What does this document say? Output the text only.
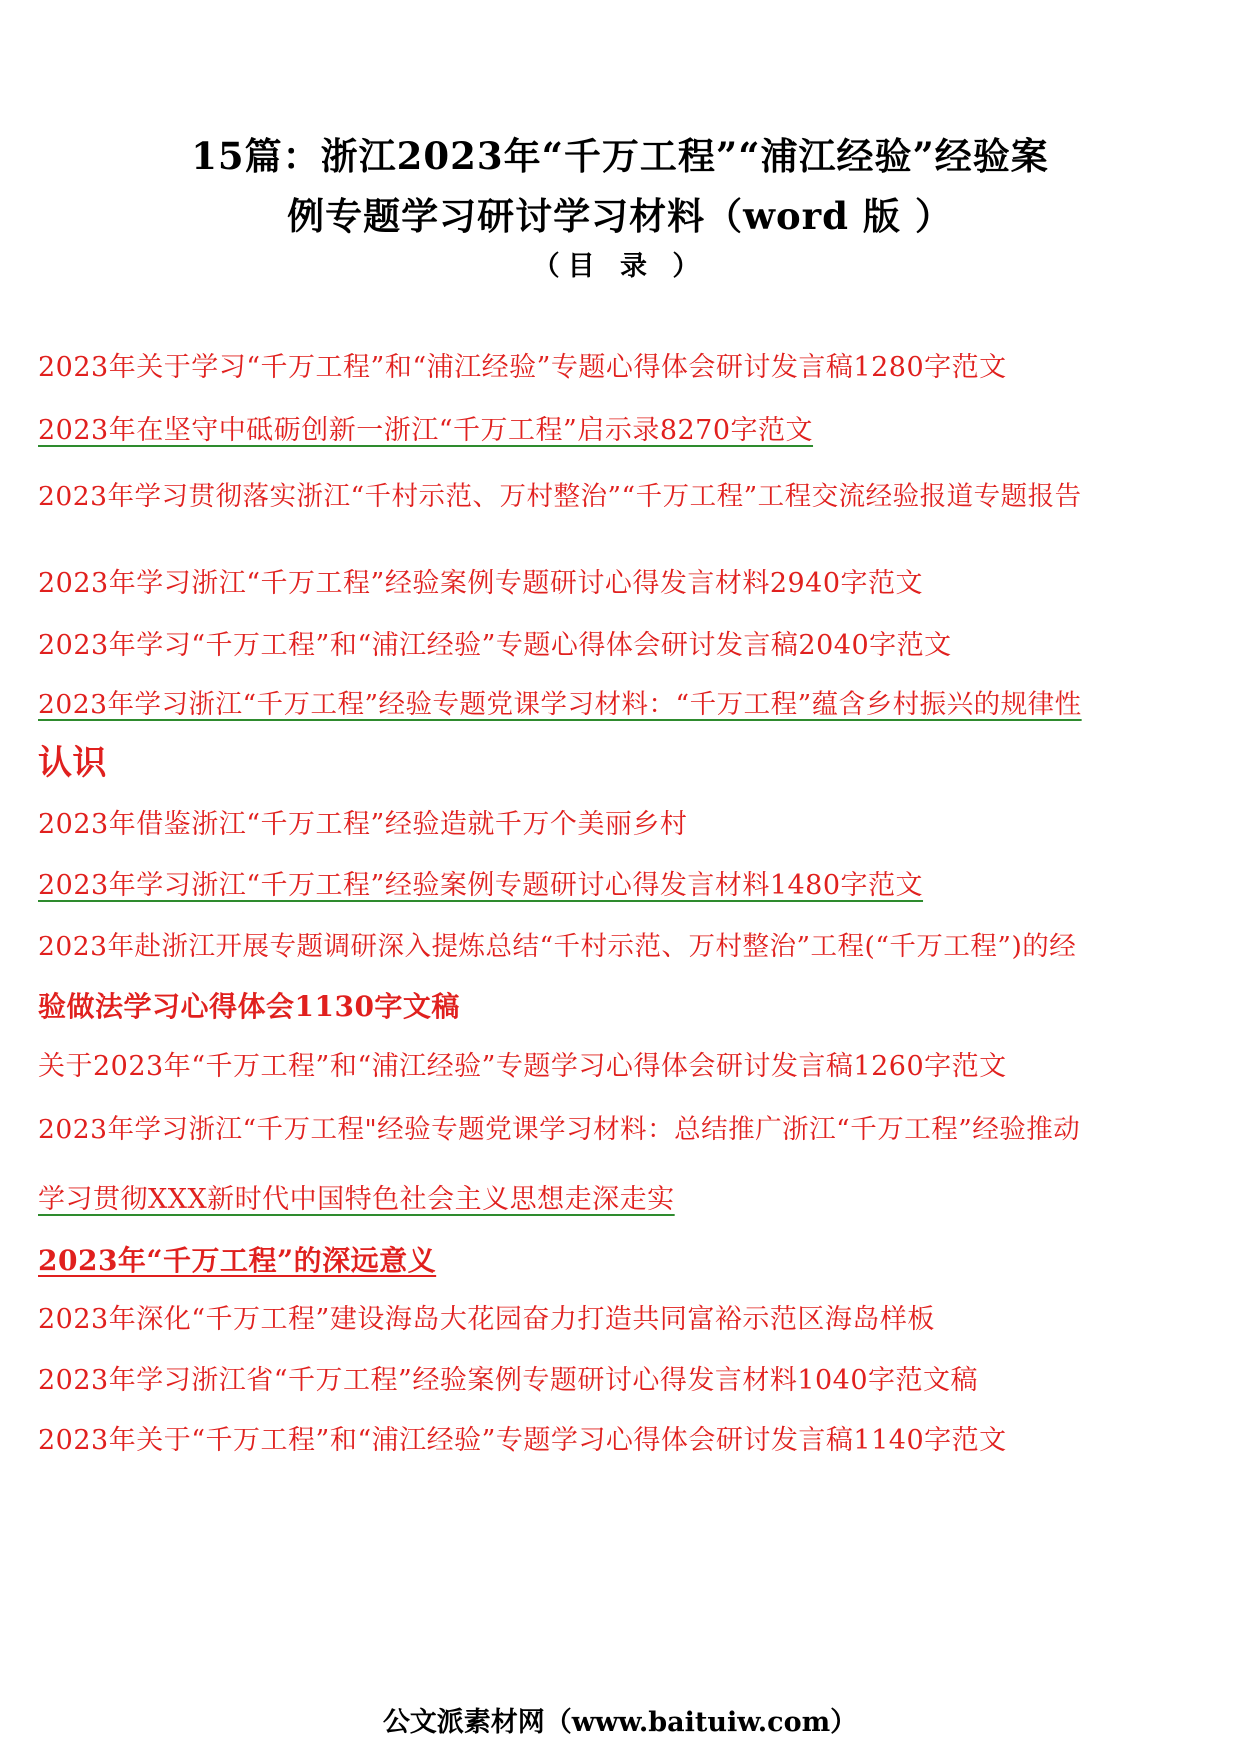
15篇：浙江2023年“千万工程”“浦江经验”经验案
例专题学习研讨学习材料（word 版 ）
（目 录 ）
2023年关于学习“千万工程”和“浦江经验”专题心得体会研讨发言稿1280字范文
2023年在坚守中砥砺创新一浙江“千万工程”启示录8270字范文
2023年学习贯彻落实浙江“千村示范、万村整治”“千万工程”工程交流经验报道专题报告
2023年学习浙江“千万工程”经验案例专题研讨心得发言材料2940字范文
2023年学习“千万工程”和“浦江经验”专题心得体会研讨发言稿2040字范文
2023年学习浙江“千万工程”经验专题党课学习材料：“千万工程”蕴含乡村振兴的规律性
认识
2023年借鉴浙江“千万工程”经验造就千万个美丽乡村
2023年学习浙江“千万工程”经验案例专题研讨心得发言材料1480字范文
2023年赴浙江开展专题调研深入提炼总结“千村示范、万村整治”工程(“千万工程”)的经
验做法学习心得体会1130字文稿
关于2023年“千万工程”和“浦江经验”专题学习心得体会研讨发言稿1260字范文
2023年学习浙江“千万工程"经验专题党课学习材料：总结推广浙江“千万工程”经验推动
学习贯彻XXX新时代中国特色社会主义思想走深走实
2023年“千万工程”的深远意义
2023年深化“千万工程”建设海岛大花园奋力打造共同富裕示范区海岛样板
2023年学习浙江省“千万工程”经验案例专题研讨心得发言材料1040字范文稿
2023年关于“千万工程”和“浦江经验”专题学习心得体会研讨发言稿1140字范文
公文派素材网（www.baituiw.com）
